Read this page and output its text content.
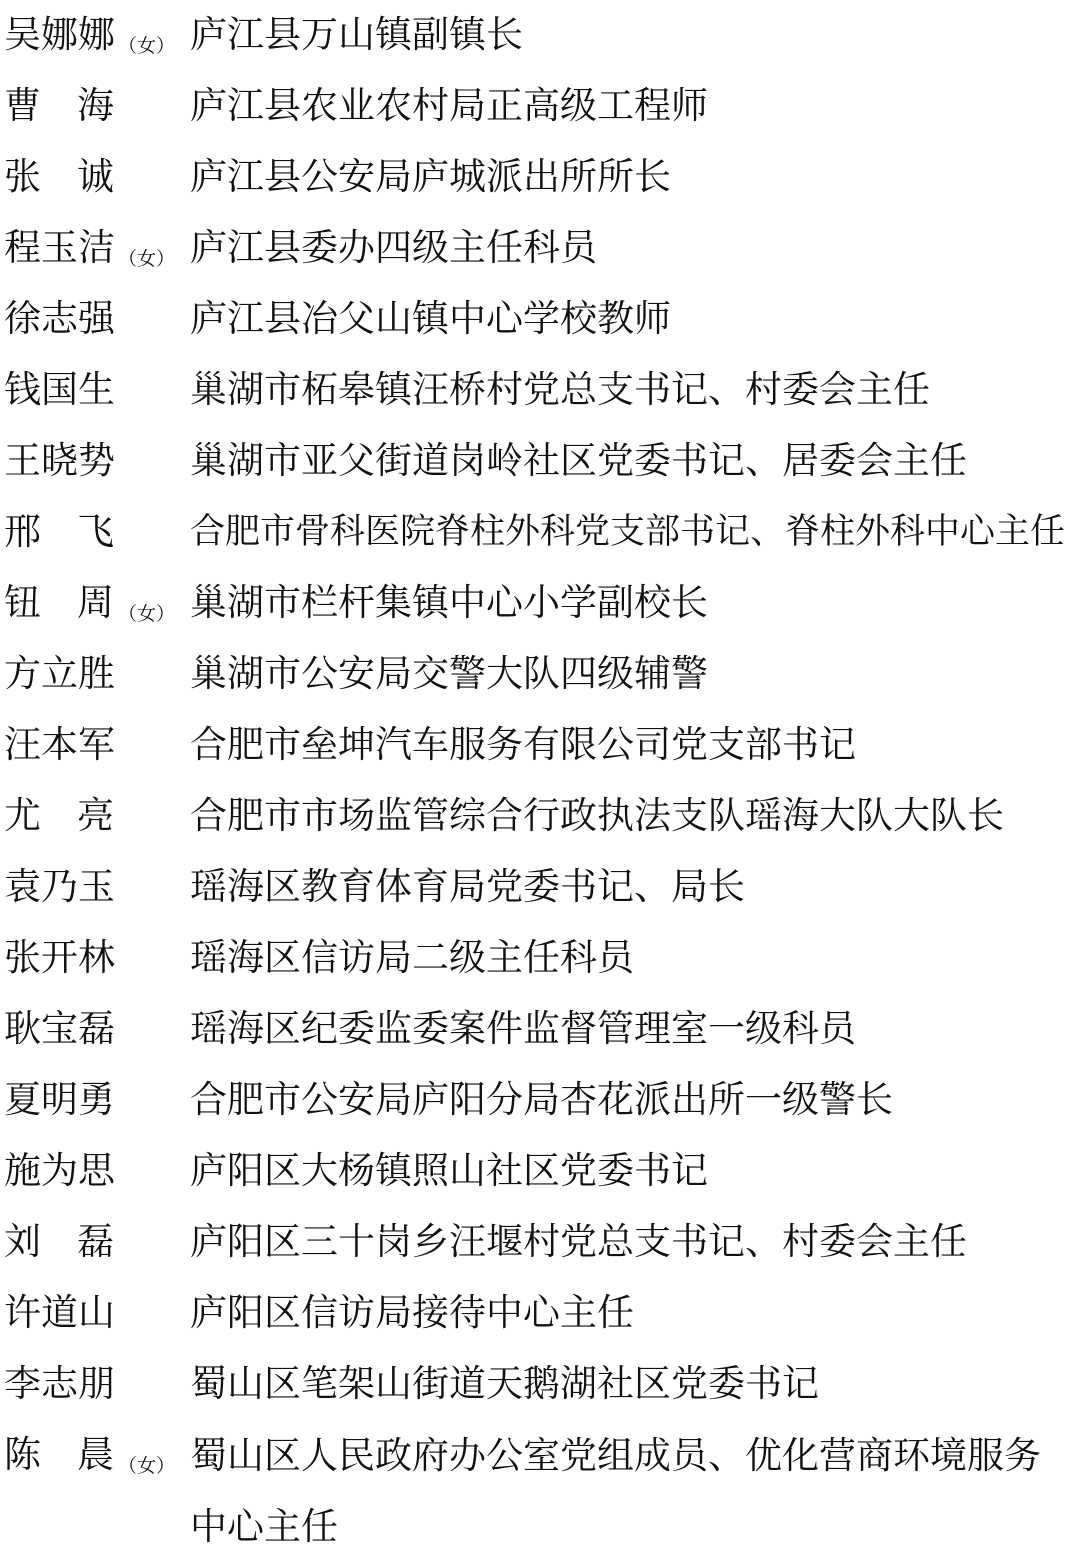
吴 娜 娜 （女） 庐江县万山镇副镇长
曹 海 庐江县农业农村局正高级工程师
张 诚 庐江县公安局庐城派出所所长
程 玉 洁 （女） 庐江县委办四级主任科员
徐 志 强 庐江县冶父山镇中心学校教师
钱 国 生 巢湖市柘皋镇汪桥村党总支书记、村委会主任
王 晓 势 巢湖市亚父街道岗岭社区党委书记、居委会主任
邢 飞 合肥市骨科医院脊柱外科党支部书记、脊柱外科中心主任
钮 周 （女） 巢湖市栏杆集镇中心小学副校长
方 立 胜 巢湖市公安局交警大队四级辅警
汪 本 军 合肥市垒坤汽车服务有限公司党支部书记
尤 亮 合肥市市场监管综合行政执法支队瑶海大队大队长
袁 乃 玉 瑶海区教育体育局党委书记、局长
张 开 林 瑶海区信访局二级主任科员
耿 宝 磊 瑶海区纪委监委案件监督管理室一级科员
夏 明 勇 合肥市公安局庐阳分局杏花派出所一级警长
施 为 思 庐阳区大杨镇照山社区党委书记
刘 磊 庐阳区三十岗乡汪堰村党总支书记、村委会主任
许 道 山 庐阳区信访局接待中心主任
李 志 朋 蜀山区笔架山街道天鹅湖社区党委书记
陈 晨 （女） 蜀山区人民政府办公室党组成员、优化营商环境服务中心主任
